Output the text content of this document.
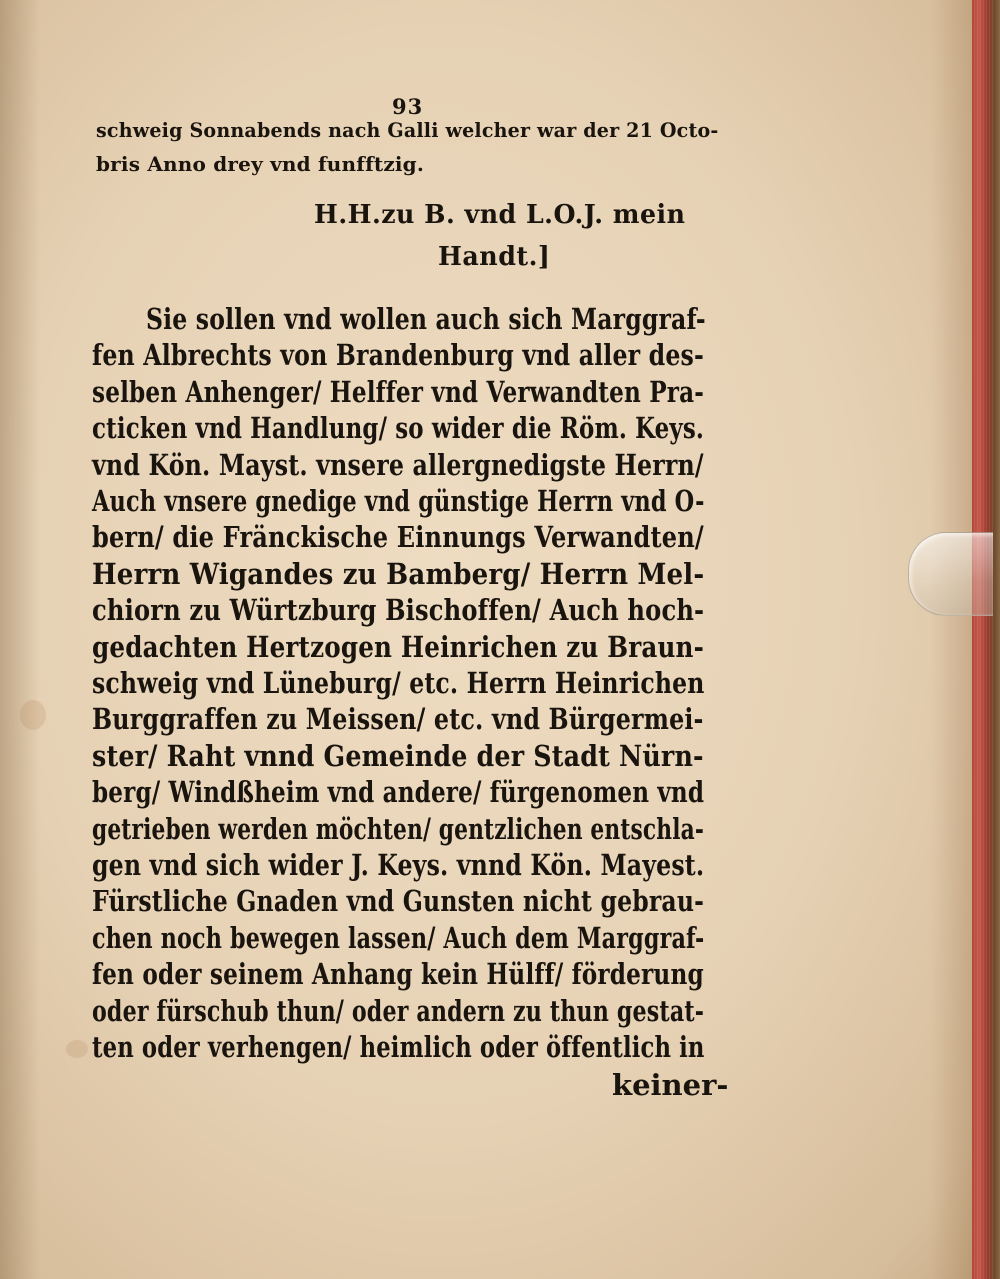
93
schweig Sonnabends nach Galli welcher war der 21 Octo-
bris Anno drey vnd funfftzig.
H.H.zu B. vnd L.O.J. mein
Handt.]
Sie sollen vnd wollen auch sich Marggraf-
fen Albrechts von Brandenburg vnd aller des-
selben Anhenger/ Helffer vnd Verwandten Pra-
cticken vnd Handlung/ so wider die Röm. Keys.
vnd Kön. Mayst. vnsere allergnedigste Herrn/
Auch vnsere gnedige vnd günstige Herrn vnd O-
bern/ die Fränckische Einnungs Verwandten/
Herrn Wigandes zu Bamberg/ Herrn Mel-
chiorn zu Würtzburg Bischoffen/ Auch hoch-
gedachten Hertzogen Heinrichen zu Braun-
schweig vnd Lüneburg/ etc. Herrn Heinrichen
Burggraffen zu Meissen/ etc. vnd Bürgermei-
ster/ Raht vnnd Gemeinde der Stadt Nürn-
berg/ Windßheim vnd andere/ fürgenomen vnd
getrieben werden möchten/ gentzlichen entschla-
gen vnd sich wider J. Keys. vnnd Kön. Mayest.
Fürstliche Gnaden vnd Gunsten nicht gebrau-
chen noch bewegen lassen/ Auch dem Marggraf-
fen oder seinem Anhang kein Hülff/ förderung
oder fürschub thun/ oder andern zu thun gestat-
ten oder verhengen/ heimlich oder öffentlich in
keiner-
